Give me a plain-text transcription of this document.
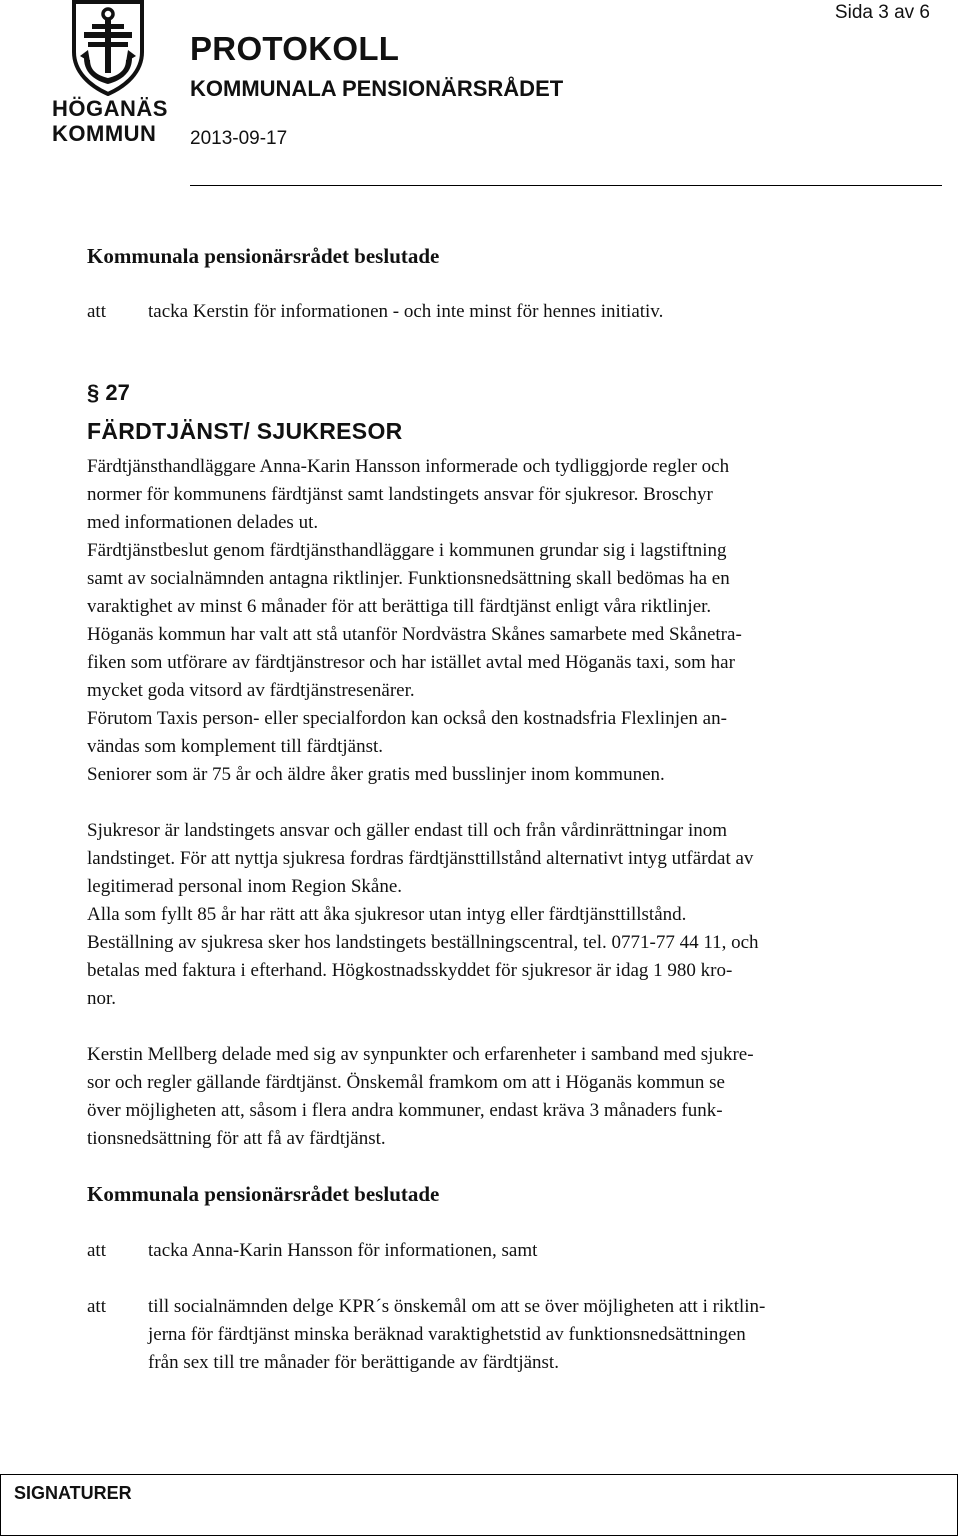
HÖGANÄS
KOMMUN
Sida 3 av 6
PROTOKOLL
KOMMUNALA PENSIONÄRSRÅDET
2013-09-17
Kommunala pensionärsrådet beslutade
att tacka Kerstin för informationen - och inte minst för hennes initiativ.
§ 27
FÄRDTJÄNST/ SJUKRESOR
Färdtjänsthandläggare Anna-Karin Hansson informerade och tydliggjorde regler och
normer för kommunens färdtjänst samt landstingets ansvar för sjukresor. Broschyr
med informationen delades ut.
Färdtjänstbeslut genom färdtjänsthandläggare i kommunen grundar sig i lagstiftning
samt av socialnämnden antagna riktlinjer. Funktionsnedsättning skall bedömas ha en
varaktighet av minst 6 månader för att berättiga till färdtjänst enligt våra riktlinjer.
Höganäs kommun har valt att stå utanför Nordvästra Skånes samarbete med Skånetra-
fiken som utförare av färdtjänstresor och har istället avtal med Höganäs taxi, som har
mycket goda vitsord av färdtjänstresenärer.
Förutom Taxis person- eller specialfordon kan också den kostnadsfria Flexlinjen an-
vändas som komplement till färdtjänst.
Seniorer som är 75 år och äldre åker gratis med busslinjer inom kommunen.
Sjukresor är landstingets ansvar och gäller endast till och från vårdinrättningar inom
landstinget. För att nyttja sjukresa fordras färdtjänsttillstånd alternativt intyg utfärdat av
legitimerad personal inom Region Skåne.
Alla som fyllt 85 år har rätt att åka sjukresor utan intyg eller färdtjänsttillstånd.
Beställning av sjukresa sker hos landstingets beställningscentral, tel. 0771-77 44 11, och
betalas med faktura i efterhand. Högkostnadsskyddet för sjukresor är idag 1 980 kro-
nor.
Kerstin Mellberg delade med sig av synpunkter och erfarenheter i samband med sjukre-
sor och regler gällande färdtjänst. Önskemål framkom om att i Höganäs kommun se
över möjligheten att, såsom i flera andra kommuner, endast kräva 3 månaders funk-
tionsnedsättning för att få av färdtjänst.
Kommunala pensionärsrådet beslutade
att tacka Anna-Karin Hansson för informationen, samt
att till socialnämnden delge KPR´s önskemål om att se över möjligheten att i riktlin-
jerna för färdtjänst minska beräknad varaktighetstid av funktionsnedsättningen
från sex till tre månader för berättigande av färdtjänst.
SIGNATURER
